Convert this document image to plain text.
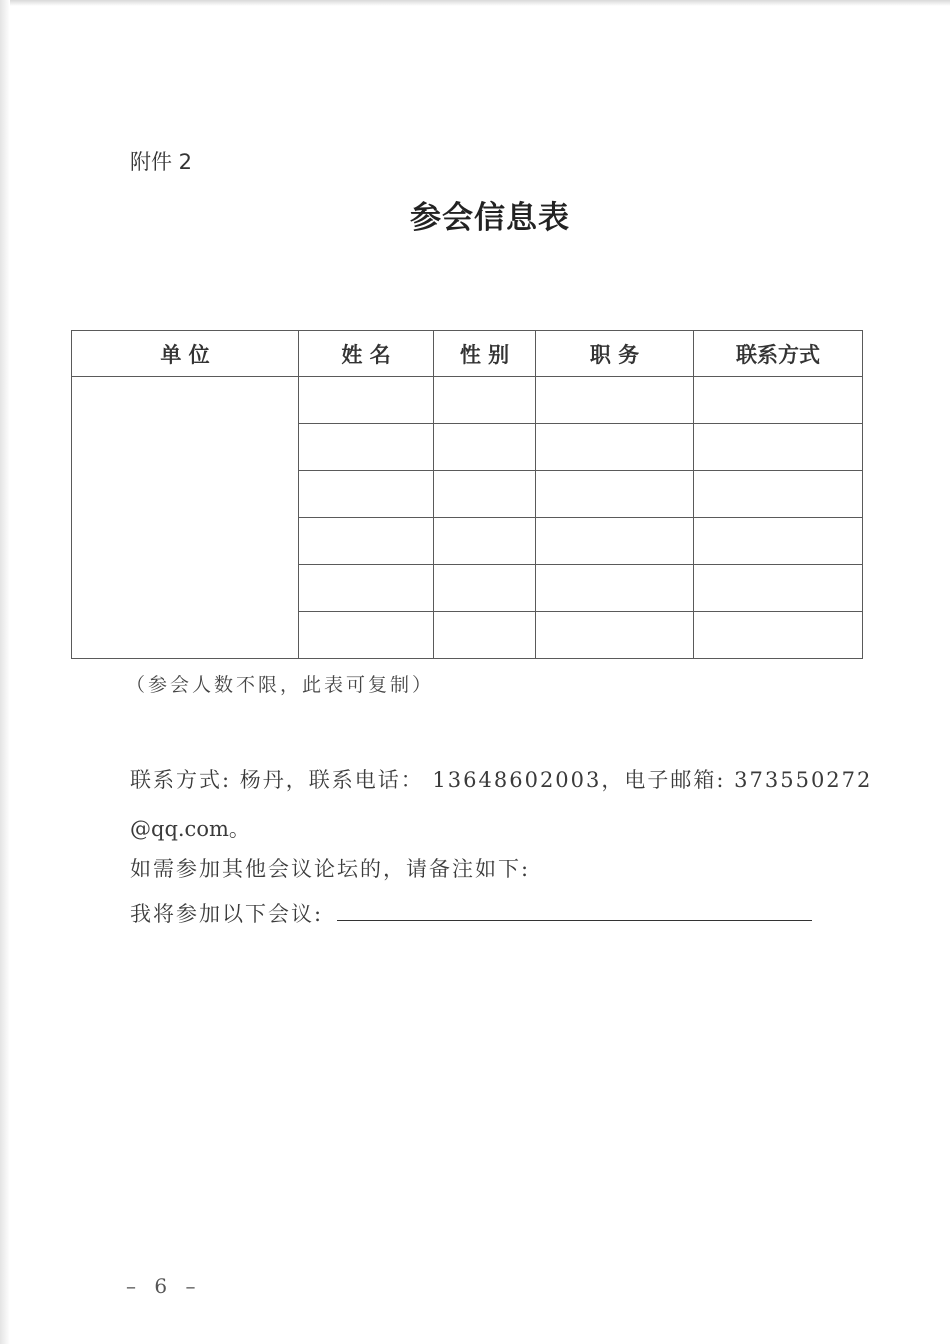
附件 2
参会信息表
单 位	姓 名	性 别	职 务	联系方式

（参会人数不限，此表可复制）
联系方式: 杨丹，联系电话： 13648602003，电子邮箱: 373550272
@qq.com。
如需参加其他会议论坛的，请备注如下:
我将参加以下会议:
– 6 –
